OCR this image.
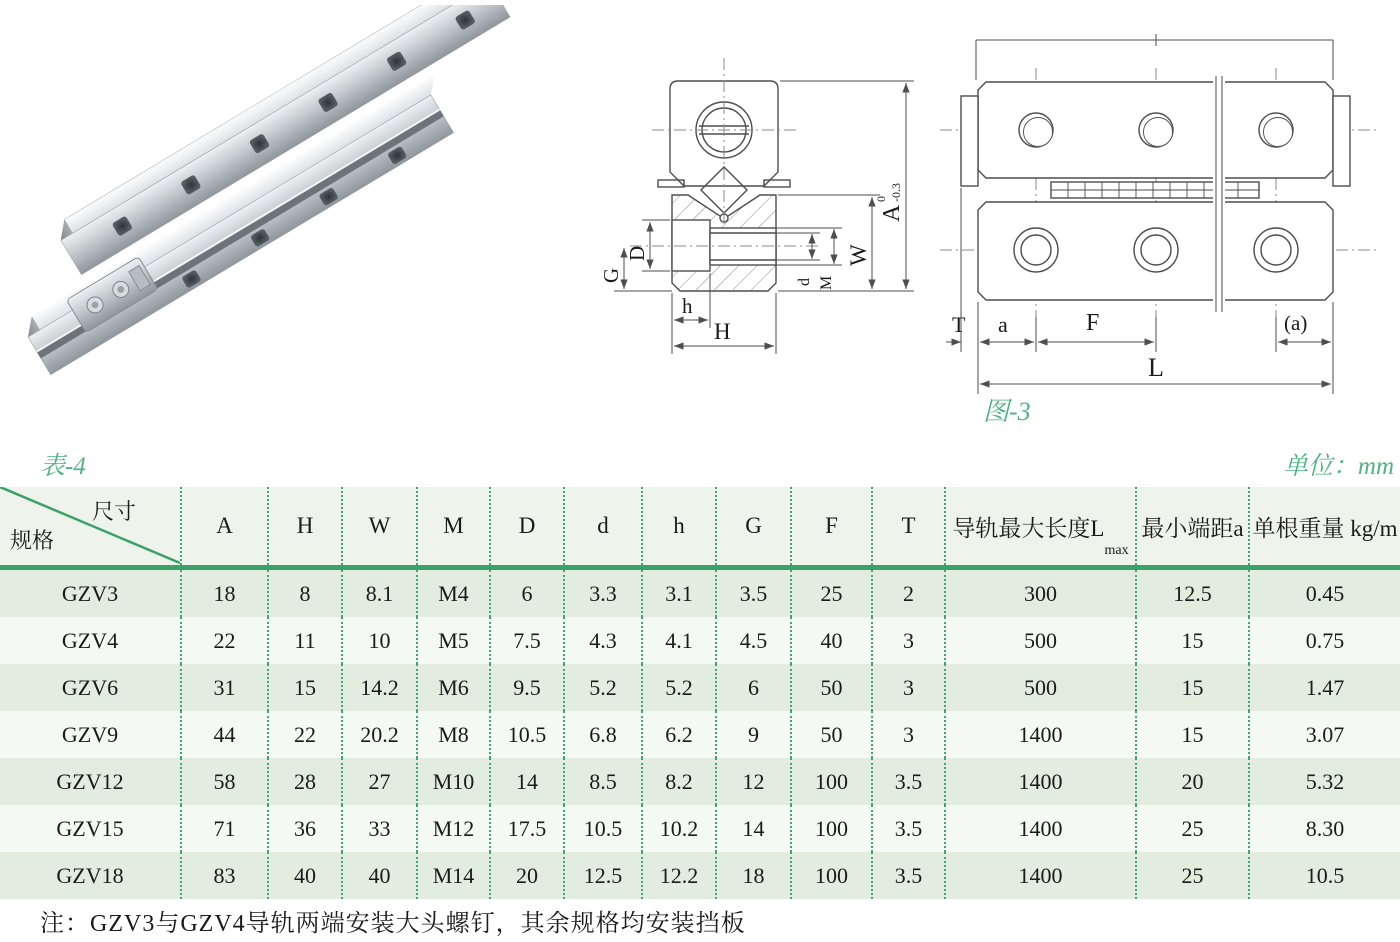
A
0 -0.3
W
M
d
D
G
h
H	T a	F	(a)
L
图-3
表-4	单位：mm
尺寸
规格
A	H	W	M	D	d	h	G	F	T	导轨最大长度L
max
最小端距a 单根重量 kg/m
GZV3	18	8	8.1	M4	6	3.3	3.1	3.5	25	2	300	12.5	0.45
GZV4	22	11	10	M5	7.5	4.3	4.1	4.5	40	3	500	15	0.75
GZV6	31	15	14.2	M6	9.5	5.2	5.2	6	50	3	500	15	1.47
GZV9	44	22	20.2	M8	10.5	6.8	6.2	9	50	3	1400	15	3.07
GZV12	58	28	27	M10	14	8.5	8.2	12	100	3.5	1400	20	5.32
GZV15	71	36	33	M12	17.5	10.5	10.2	14	100	3.5	1400	25	8.30
GZV18	83	40	40	M14	20	12.5	12.2	18	100	3.5	1400	25	10.5
注：GZV3与GZV4导轨两端安装大头螺钉，其余规格均安装挡板
